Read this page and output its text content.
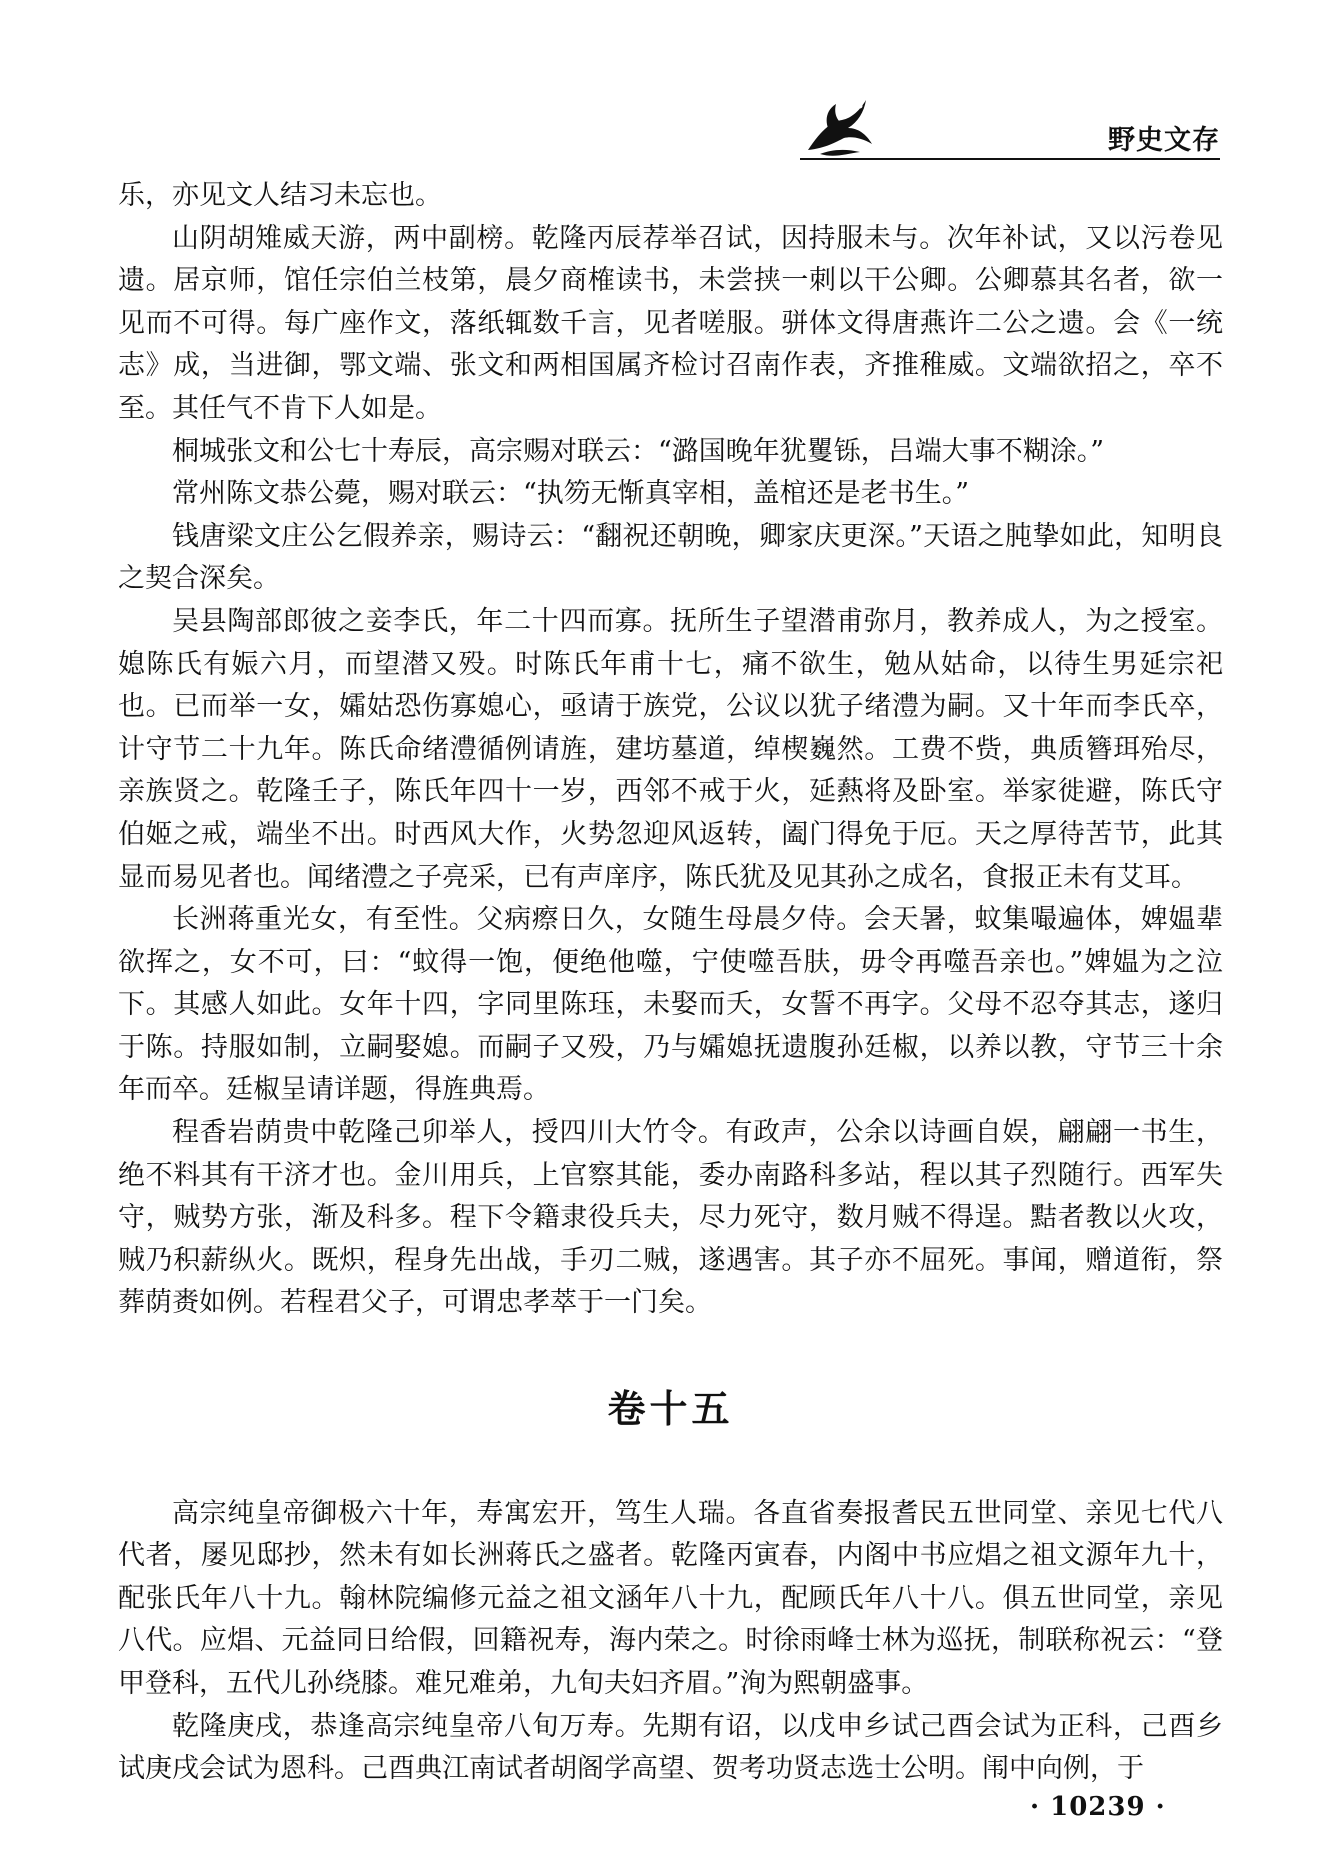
野史文存

乐，亦见文人结习未忘也。

山阴胡雉威天游，两中副榜。乾隆丙辰荐举召试，因持服未与。次年补试，又以污卷见遗。居京师，馆任宗伯兰枝第，晨夕商榷读书，未尝挟一刺以干公卿。公卿慕其名者，欲一见而不可得。每广座作文，落纸辄数千言，见者嗟服。骈体文得唐燕许二公之遗。会《一统志》成，当进御，鄂文端、张文和两相国属齐检讨召南作表，齐推稚威。文端欲招之，卒不至。其任气不肯下人如是。

桐城张文和公七十寿辰，高宗赐对联云：“潞国晚年犹矍铄，吕端大事不糊涂。”

常州陈文恭公薨，赐对联云：“执笏无惭真宰相，盖棺还是老书生。”

钱唐梁文庄公乞假养亲，赐诗云：“翻祝还朝晚，卿家庆更深。”天语之肫挚如此，知明良之契合深矣。

吴县陶部郎彼之妾李氏，年二十四而寡。抚所生子望潜甫弥月，教养成人，为之授室。媳陈氏有娠六月，而望潜又殁。时陈氏年甫十七，痛不欲生，勉从姑命，以待生男延宗祀也。已而举一女，孀姑恐伤寡媳心，亟请于族党，公议以犹子绪澧为嗣。又十年而李氏卒，计守节二十九年。陈氏命绪澧循例请旌，建坊墓道，绰楔巍然。工费不赀，典质簪珥殆尽，亲族贤之。乾隆壬子，陈氏年四十一岁，西邻不戒于火，延爇将及卧室。举家徙避，陈氏守伯姬之戒，端坐不出。时西风大作，火势忽迎风返转，阖门得免于厄。天之厚待苦节，此其显而易见者也。闻绪澧之子亮采，已有声庠序，陈氏犹及见其孙之成名，食报正未有艾耳。

长洲蒋重光女，有至性。父病瘵日久，女随生母晨夕侍。会天暑，蚊集嘬遍体，婢媪辈欲挥之，女不可，曰：“蚊得一饱，便绝他噬，宁使噬吾肤，毋令再噬吾亲也。”婢媪为之泣下。其感人如此。女年十四，字同里陈珏，未娶而夭，女誓不再字。父母不忍夺其志，遂归于陈。持服如制，立嗣娶媳。而嗣子又殁，乃与孀媳抚遗腹孙廷椒，以养以教，守节三十余年而卒。廷椒呈请详题，得旌典焉。

程香岩荫贵中乾隆己卯举人，授四川大竹令。有政声，公余以诗画自娱，翩翩一书生，绝不料其有干济才也。金川用兵，上官察其能，委办南路科多站，程以其子烈随行。西军失守，贼势方张，渐及科多。程下令籍隶役兵夫，尽力死守，数月贼不得逞。黠者教以火攻，贼乃积薪纵火。既炽，程身先出战，手刃二贼，遂遇害。其子亦不屈死。事闻，赠道衔，祭葬荫赉如例。若程君父子，可谓忠孝萃于一门矣。

卷十五

高宗纯皇帝御极六十年，寿寓宏开，笃生人瑞。各直省奏报耆民五世同堂、亲见七代八代者，屡见邸抄，然未有如长洲蒋氏之盛者。乾隆丙寅春，内阁中书应焻之祖文源年九十，配张氏年八十九。翰林院编修元益之祖文涵年八十九，配顾氏年八十八。俱五世同堂，亲见八代。应焻、元益同日给假，回籍祝寿，海内荣之。时徐雨峰士林为巡抚，制联称祝云：“登甲登科，五代儿孙绕膝。难兄难弟，九旬夫妇齐眉。”洵为熙朝盛事。

乾隆庚戌，恭逢高宗纯皇帝八旬万寿。先期有诏，以戊申乡试己酉会试为正科，己酉乡试庚戌会试为恩科。己酉典江南试者胡阁学高望、贺考功贤志选士公明。闱中向例，于

· 10239 ·
